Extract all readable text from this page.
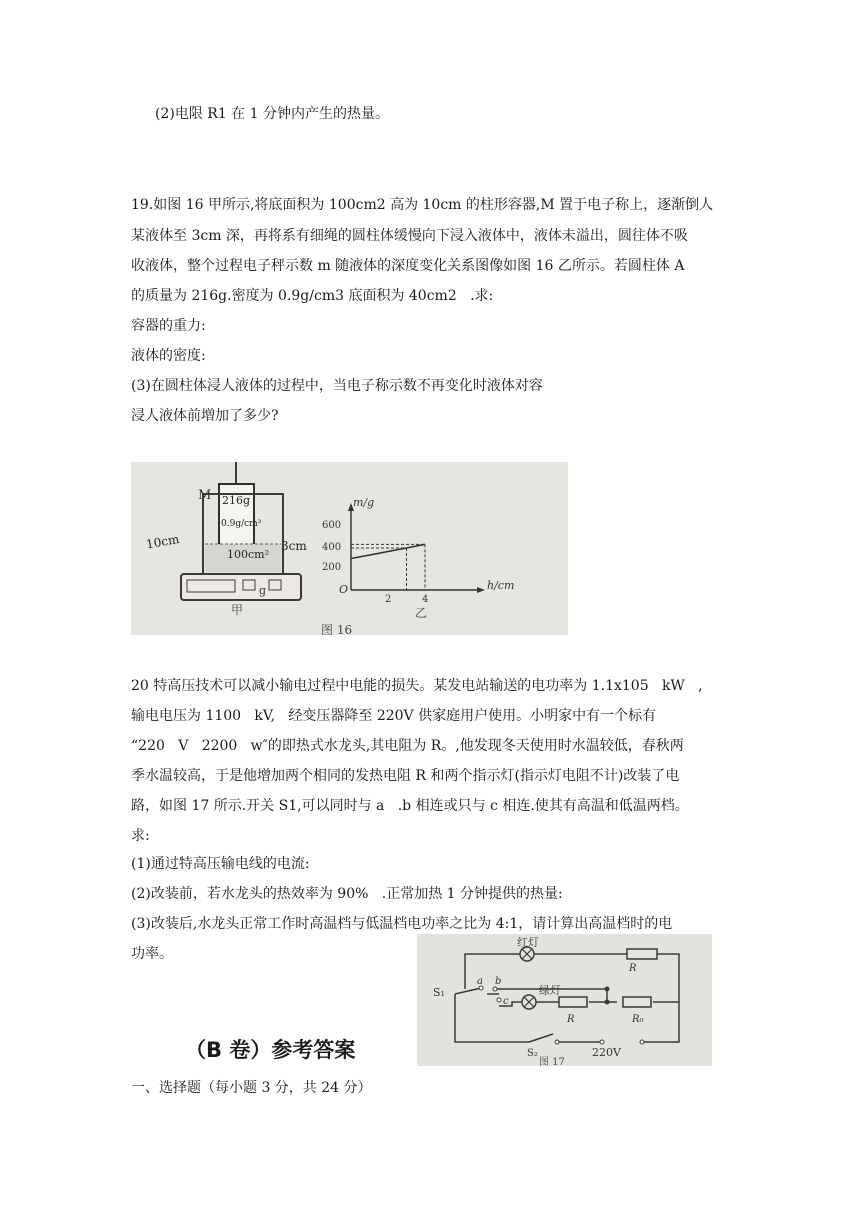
(2)电限 R1 在 1 分钟内产生的热量。
19.如图 16 甲所示,将底面积为 100cm2 高为 10cm 的柱形容器,M 置于电子称上，逐渐倒人
某液体至 3cm 深，再将系有细绳的圆柱体缓慢向下浸入液体中，液体未溢出，圆往体不吸
收液体，整个过程电子秤示数 m 随液体的深度变化关系图像如图 16 乙所示。若圆柱体 A
的质量为 216g.密度为 0.9g/cm3 底面积为 40cm2   .求:
容器的重力:
液体的密度:
(3)在圆柱体浸人液体的过程中，当电子称示数不再变化时液体对容
浸人液体前増加了多少?
M 216g
0.9g/cm³
10cm
100cm²
3cm
g
甲
图 16
m/g
h/cm
O
600
400
200
2	4
乙
20 特高压技术可以减小输电过程中电能的损失。某发电站输送的电功率为 1.1x105   kW   ,
输电电压为 1100   kV,   经变压器降至 220V 供家庭用户使用。小明家中有一个标有
“220   V   2200   w″的即热式水龙头,其电阻为 R。,他发现冬天使用时水温较低，春秋两
季水温较高，于是他增加两个相同的发热电阻 R 和两个指示灯(指示灯电阻不计)改装了电
路，如图 17 所示.开关 S1,可以同时与 a   .b 相连或只与 c 相连.使其有高温和低温两档。
求:
(1)通过特高压输电线的电流:
(2)改装前，若水龙头的热效率为 90%   .正常加热 1 分钟提供的热量:
(3)改装后,水龙头正常工作时高温档与低温档电功率之比为 4:1，请计算出高温档时的电
功率。
红灯
R
S₁
a b
c
绿灯
R	R₀
S₂	220V
图 17
（B 卷）参考答案
一、选择题（每小题 3 分，共 24 分）
